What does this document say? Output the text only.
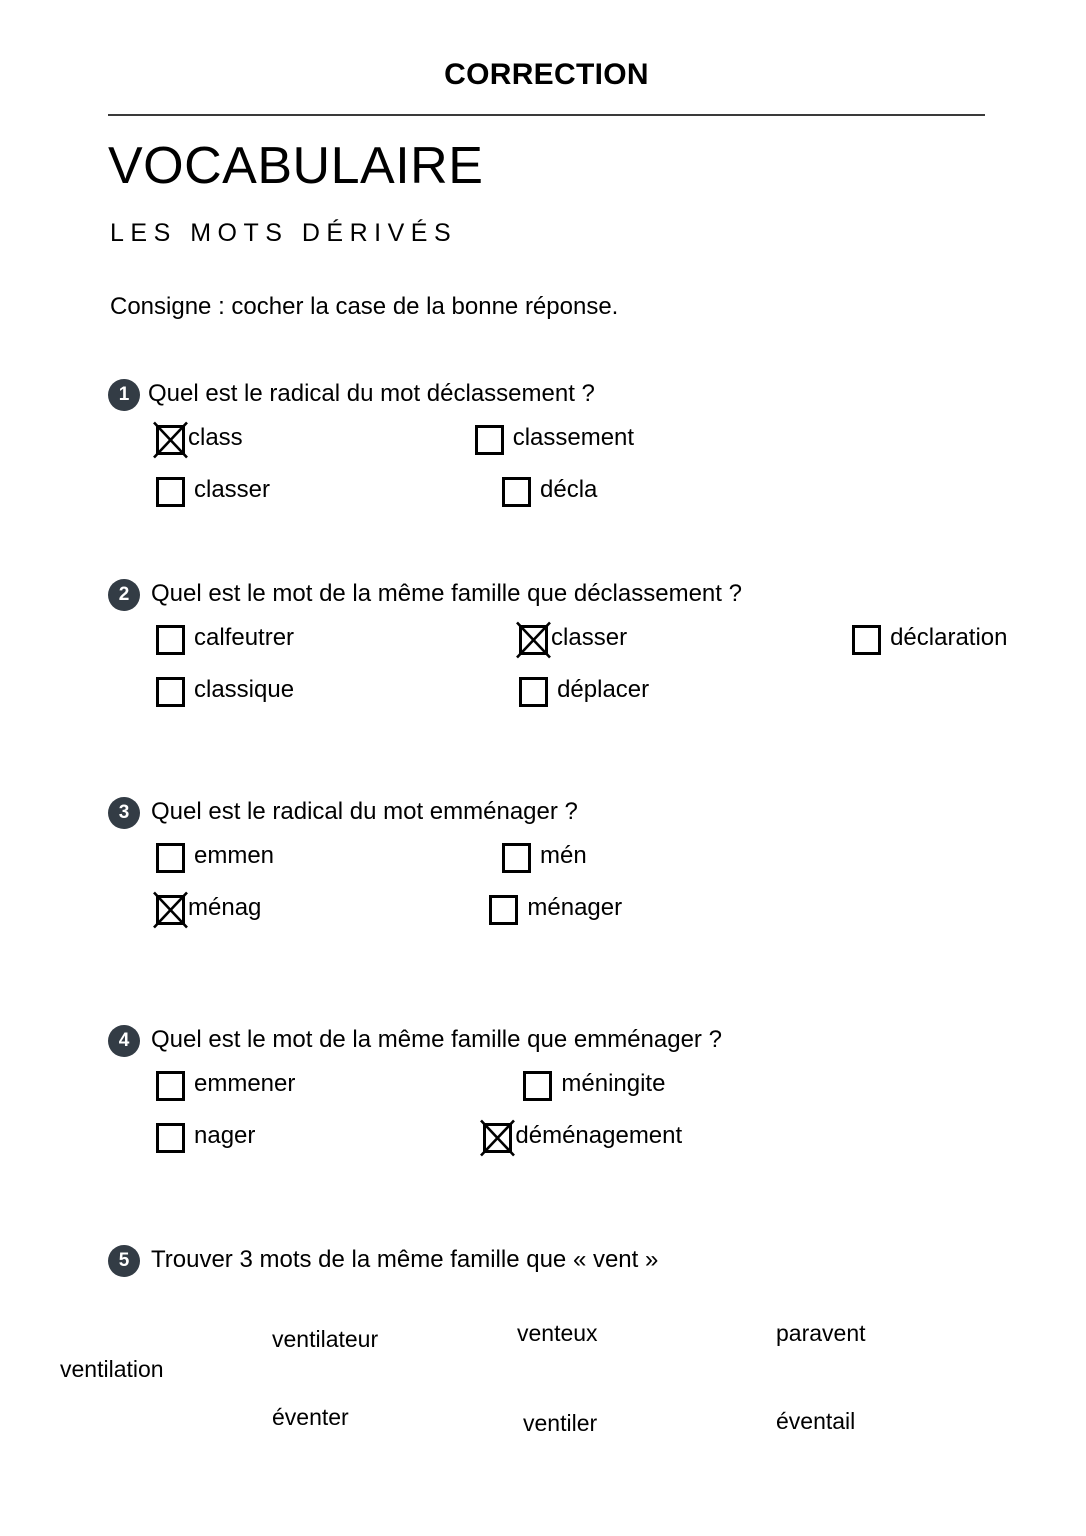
CORRECTION
VOCABULAIRE
LES MOTS DÉRIVÉS
Consigne : cocher la case de la bonne réponse.
1 Quel est le radical du mot déclassement ?
class	classement
classer	décla
2 Quel est le mot de la même famille que déclassement ?
calfeutrer	classer	déclaration
classique	déplacer
3 Quel est le radical du mot emménager ?
emmen	mén
ménag	ménager
4 Quel est le mot de la même famille que emménager ?
emmener	méningite
nager	déménagement
5 Trouver 3 mots de la même famille que « vent »
ventilateur	venteux	paravent
ventilation
éventer	ventiler	éventail
